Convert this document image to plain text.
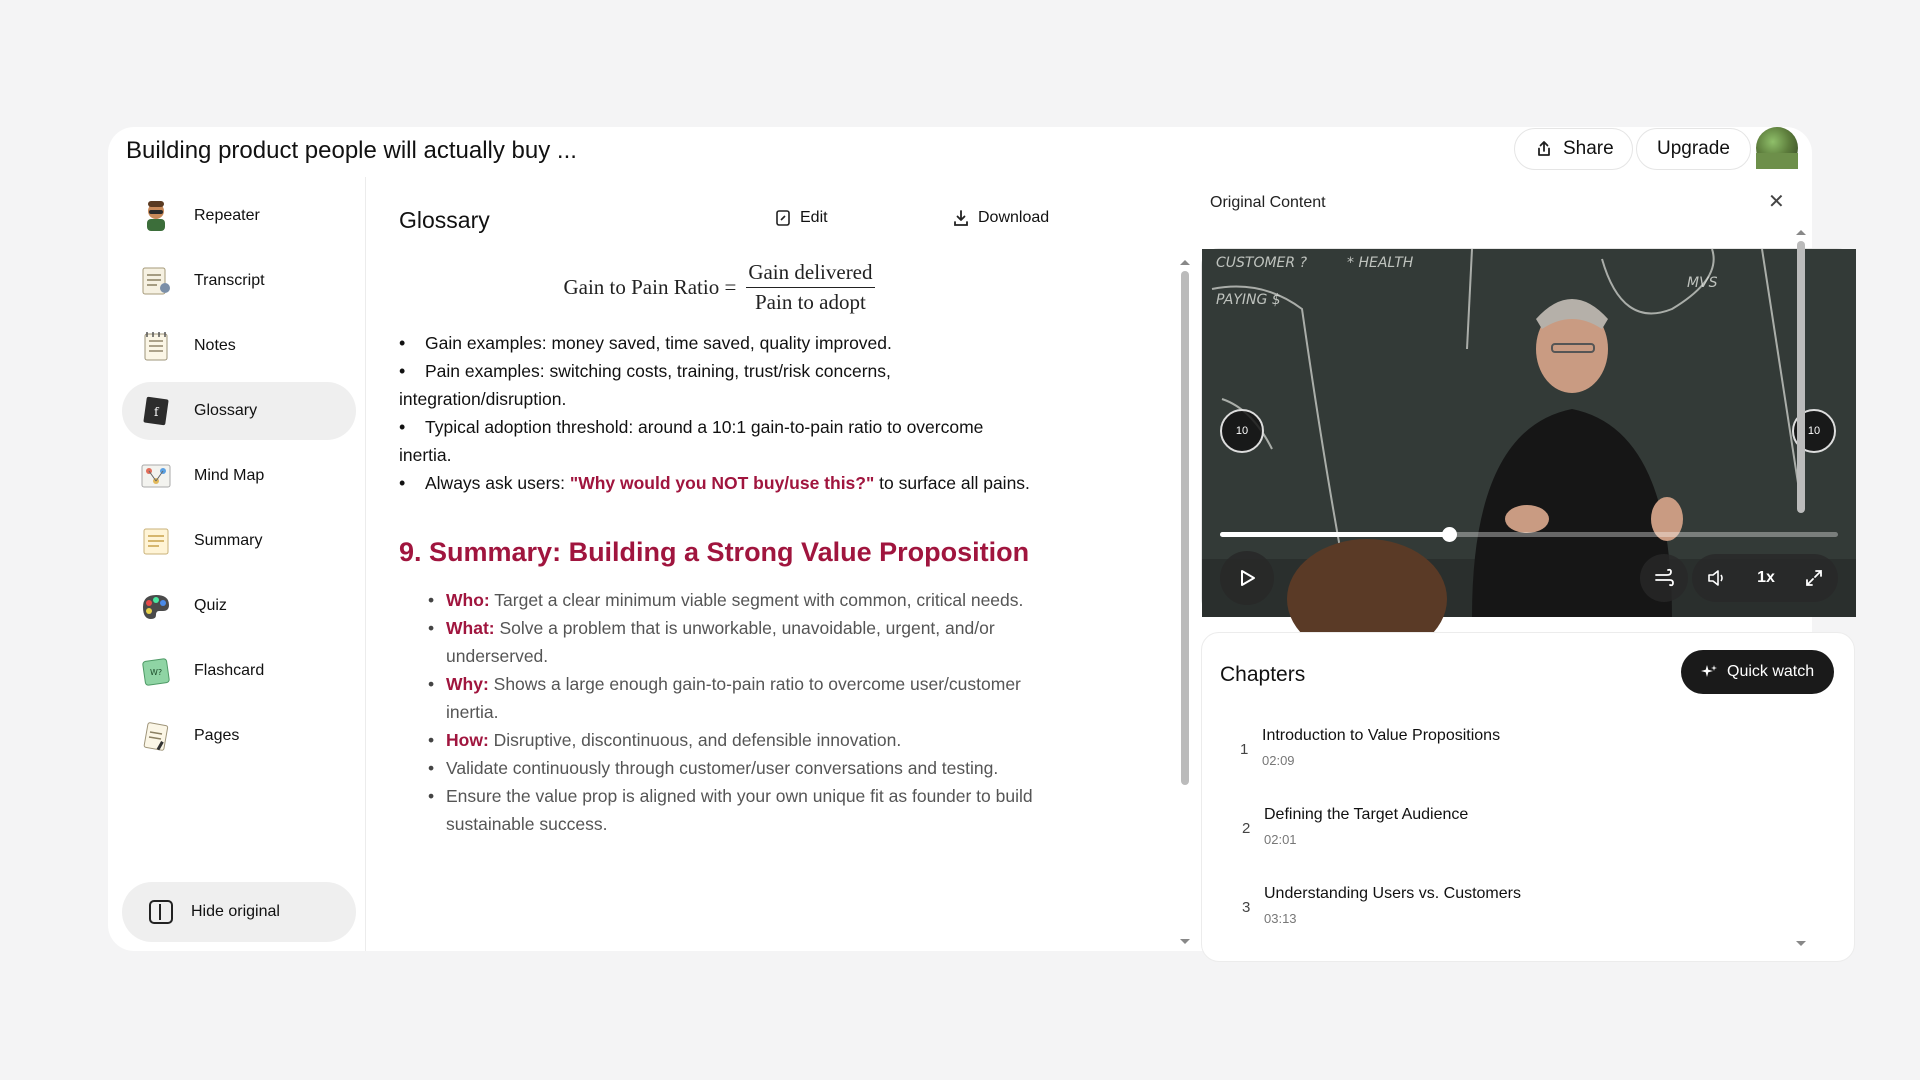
Building product people will actually buy ...	Share Upgrade
Repeater
Transcript
Notes
f Glossary
Mind Map
Summary
Quiz
W? Flashcard
Pages
Hide original
Glossary	Edit	Download
Gain to Pain Ratio = $\frac{\text{Gain delivered}}{\text{Pain to adopt}}$
• Gain examples: money saved, time saved, quality improved.
• Pain examples: switching costs, training, trust/risk concerns, integration/disruption.
• Typical adoption threshold: around a 10:1 gain-to-pain ratio to overcome inertia.
• Always ask users: "Why would you NOT buy/use this?" to surface all pains.
9. Summary: Building a Strong Value Proposition
• Who: Target a clear minimum viable segment with common, critical needs.
• What: Solve a problem that is unworkable, unavoidable, urgent, and/or underserved.
• Why: Shows a large enough gain-to-pain ratio to overcome user/customer inertia.
• How: Disruptive, discontinuous, and defensible innovation.
• Validate continuously through customer/user conversations and testing.
• Ensure the value prop is aligned with your own unique fit as founder to build sustainable success.
Original Content	✕
CUSTOMER ?	* HEALTH
PAYING $
MVS
10	10
1x
Chapters	Quick watch
1
Introduction to Value Propositions
02:09
2
Defining the Target Audience
02:01
3
Understanding Users vs. Customers
03:13
